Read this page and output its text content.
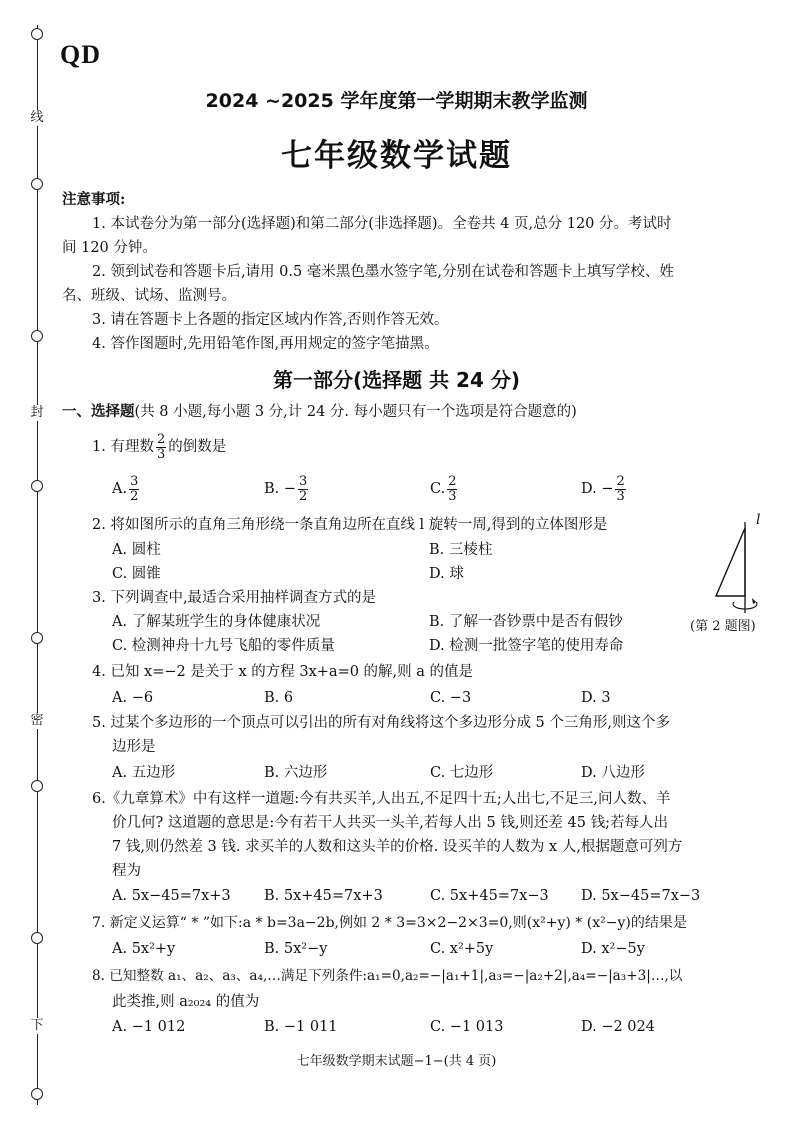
线
封
密
下
QD
2024 ~2025 学年度第一学期期末教学监测
七年级数学试题
注意事项:
1. 本试卷分为第一部分(选择题)和第二部分(非选择题)。全卷共 4 页,总分 120 分。考试时
间 120 分钟。
2. 领到试卷和答题卡后,请用 0.5 毫米黑色墨水签字笔,分别在试卷和答题卡上填写学校、姓
名、班级、试场、监测号。
3. 请在答题卡上各题的指定区域内作答,否则作答无效。
4. 答作图题时,先用铅笔作图,再用规定的签字笔描黑。
第一部分(选择题 共 24 分)
一、选择题(共 8 小题,每小题 3 分,计 24 分. 每小题只有一个选项是符合题意的)
1. 有理数 $\frac{2}{3}$ 的倒数是
A. $\frac{3}{2}$	B. − $\frac{3}{2}$	C. $\frac{2}{3}$	D. − $\frac{2}{3}$
2. 将如图所示的直角三角形绕一条直角边所在直线 l 旋转一周,得到的立体图形是
A. 圆柱	B. 三棱柱
C. 圆锥	D. 球
l
(第 2 题图)
3. 下列调查中,最适合采用抽样调查方式的是
A. 了解某班学生的身体健康状况	B. 了解一沓钞票中是否有假钞
C. 检测神舟十九号飞船的零件质量	D. 检测一批签字笔的使用寿命
4. 已知 x=−2 是关于 x 的方程 3x+a=0 的解,则 a 的值是
A. −6	B. 6	C. −3	D. 3
5. 过某个多边形的一个顶点可以引出的所有对角线将这个多边形分成 5 个三角形,则这个多
边形是
A. 五边形	B. 六边形	C. 七边形	D. 八边形
6.《九章算术》中有这样一道题:今有共买羊,人出五,不足四十五;人出七,不足三,问人数、羊
价几何? 这道题的意思是:今有若干人共买一头羊,若每人出 5 钱,则还差 45 钱;若每人出
7 钱,则仍然差 3 钱. 求买羊的人数和这头羊的价格. 设买羊的人数为 x 人,根据题意可列方
程为
A. 5x−45=7x+3 B. 5x+45=7x+3	C. 5x+45=7x−3 D. 5x−45=7x−3
7. 新定义运算“ * ”如下:a * b=3a−2b,例如 2 * 3=3×2−2×3=0,则(x²+y) * (x²−y)的结果是
A. 5x²+y	B. 5x²−y	C. x²+5y	D. x²−5y
8. 已知整数 a₁、a₂、a₃、a₄,…满足下列条件:a₁=0,a₂=−|a₁+1|,a₃=−|a₂+2|,a₄=−|a₃+3|…,以
此类推,则 a₂₀₂₄ 的值为
A. −1 012	B. −1 011	C. −1 013	D. −2 024
七年级数学期末试题−1−(共 4 页)
